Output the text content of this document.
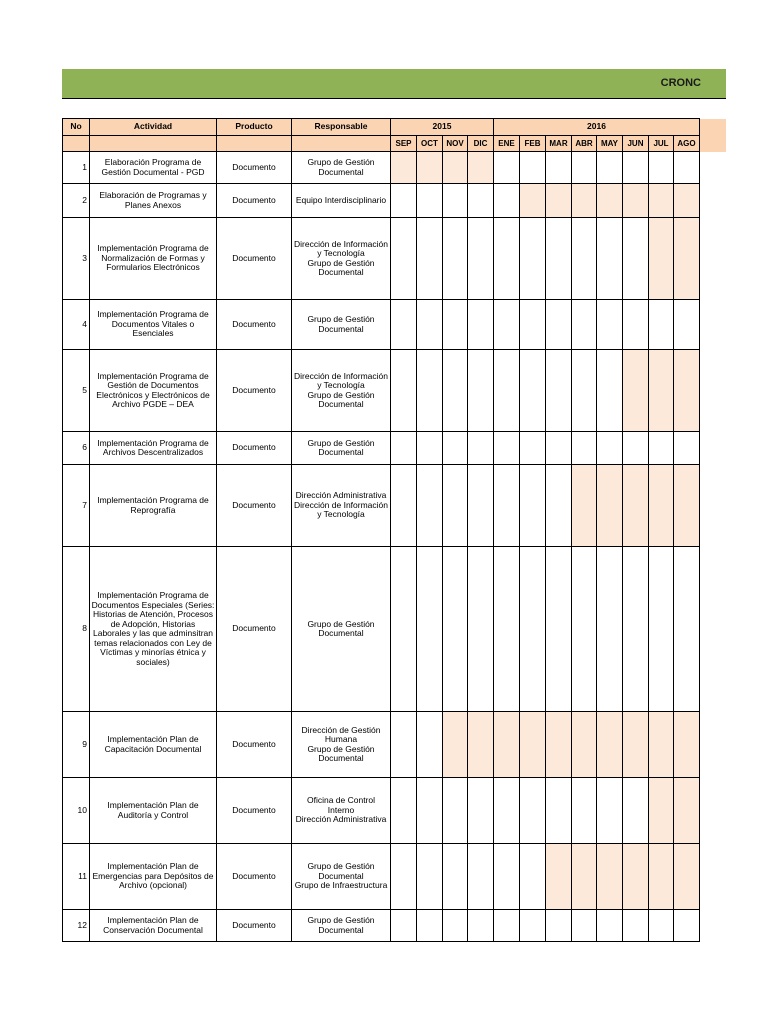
CRONC
No	Actividad	Producto	Responsable	2015				2016							
				SEP	OCT	NOV	DIC	ENE	FEB	MAR	ABR	MAY	JUN	JUL	AGO
1	Elaboración Programa de Gestión Documental - PGD	Documento	Grupo de Gestión
Documental												
2	Elaboración de Programas y Planes Anexos	Documento	Equipo Interdisciplinario												
3	Implementación Programa de Normalización de Formas y Formularios Electrónicos	Documento	Dirección de Información
y Tecnología
Grupo de Gestión
Documental												
4	Implementación Programa de Documentos Vitales o Esenciales	Documento	Grupo de Gestión
Documental												
5	Implementación Programa de Gestión de Documentos Electrónicos y Electrónicos de Archivo PGDE – DEA	Documento	Dirección de Información
y Tecnología
Grupo de Gestión
Documental												
6	Implementación Programa de Archivos Descentralizados	Documento	Grupo de Gestión
Documental												
7	Implementación Programa de Reprografía	Documento	Dirección Administrativa
Dirección de Información
y Tecnología												
8	Implementación Programa de Documentos Especiales (Series: Historias de Atención, Procesos de Adopción, Historias Laborales y las que adminsitran temas relacionados con Ley de Víctimas y minorías étnica y sociales)	Documento	Grupo de Gestión
Documental												
9	Implementación Plan de Capacitación Documental	Documento	Dirección de Gestión
Humana
Grupo de Gestión
Documental												
10	Implementación Plan de Auditoría y Control	Documento	Oficina de Control Interno
Dirección Administrativa												
11	Implementación Plan de Emergencias para Depósitos de Archivo (opcional)	Documento	Grupo de Gestión
Documental
Grupo de Infraestructura												
12	Implementación Plan de Conservación Documental	Documento	Grupo de Gestión
Documental												
